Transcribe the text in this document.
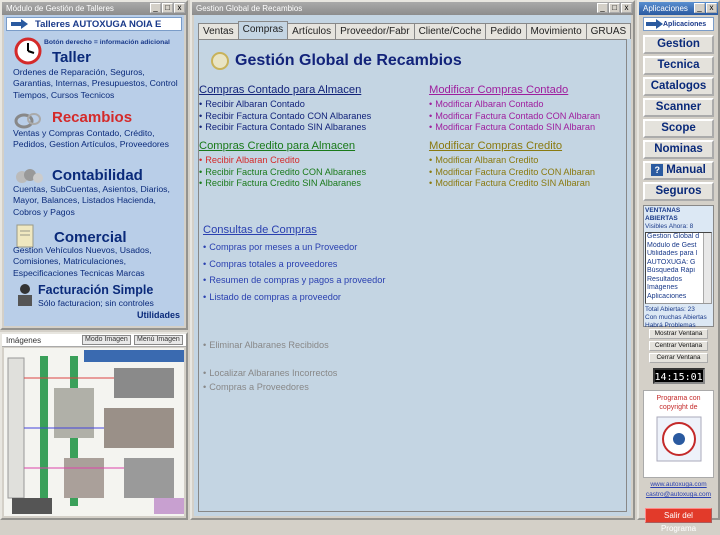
Módulo de Gestión de Talleres	_ □ x
Talleres AUTOXUGA NOIA E
Botón derecho = información adicional
Taller
Ordenes de Reparación, Seguros, Garantias, Internas, Presupuestos, Control Tiempos, Cursos Tecnicos
Recambios
Ventas y Compras Contado, Crédito, Pedidos, Gestion Artículos, Proveedores
Contabilidad
Cuentas, SubCuentas, Asientos, Diarios, Mayor, Balances, Listados Hacienda, Cobros y Pagos
Comercial
Gestion Vehículos Nuevos, Usados, Comisiones, Matriculaciones, Especificaciones Tecnicas Marcas
Facturación Simple
Sólo facturacion; sin controles
Utilidades
Imágenes	Modo Imagen	Menú Imagen
Gestion Global de Recambios	_ □ x
Ventas Compras Artículos Proveedor/Fabr Cliente/Coche Pedido Movimiento GRUAS
Gestión Global de Recambios
Compras Contado para Almacen
• Recibir Albaran Contado
• Recibir Factura Contado CON Albaranes
• Recibir Factura Contado SIN Albaranes
Modificar Compras Contado
• Modificar Albaran Contado
• Modificar Factura Contado CON Albaran
• Modificar Factura Contado SIN Albaran
Compras Credito para Almacen
• Recibir Albaran Credito
• Recibir Factura Credito CON Albaranes
• Recibir Factura Credito SIN Albaranes
Modificar Compras Credito
• Modificar Albaran Credito
• Modificar Factura Credito CON Albaran
• Modificar Factura Credito SIN Albaran
Consultas de Compras
• Compras por meses a un Proveedor
• Compras totales a proveedores
• Resumen de compras y pagos a proveedor
• Listado de compras a proveedor
• Eliminar Albaranes Recibidos
• Localizar Albaranes Incorrectos
• Compras a Proveedores
Aplicaciones	_ x
Aplicaciones
Gestion
Tecnica
Catalogos
Scanner
Scope
Nominas
? Manual
Seguros
VENTANAS ABIERTAS
Visibles Ahora: 8
Gestion Global d
Módulo de Gest
Utilidades para l
AUTOXUGA: G
Búsqueda Rápi
Resultados
Imágenes
Aplicaciones
Total Abiertas: 23
Con muchas Abiertas
Habrá Problemas
Mostrar Ventana
Centrar Ventana
Cerrar Ventana
14:15:01
Programa con
copyright de
www.autoxuga.com
castro@autoxuga.com
Salir del Programa
